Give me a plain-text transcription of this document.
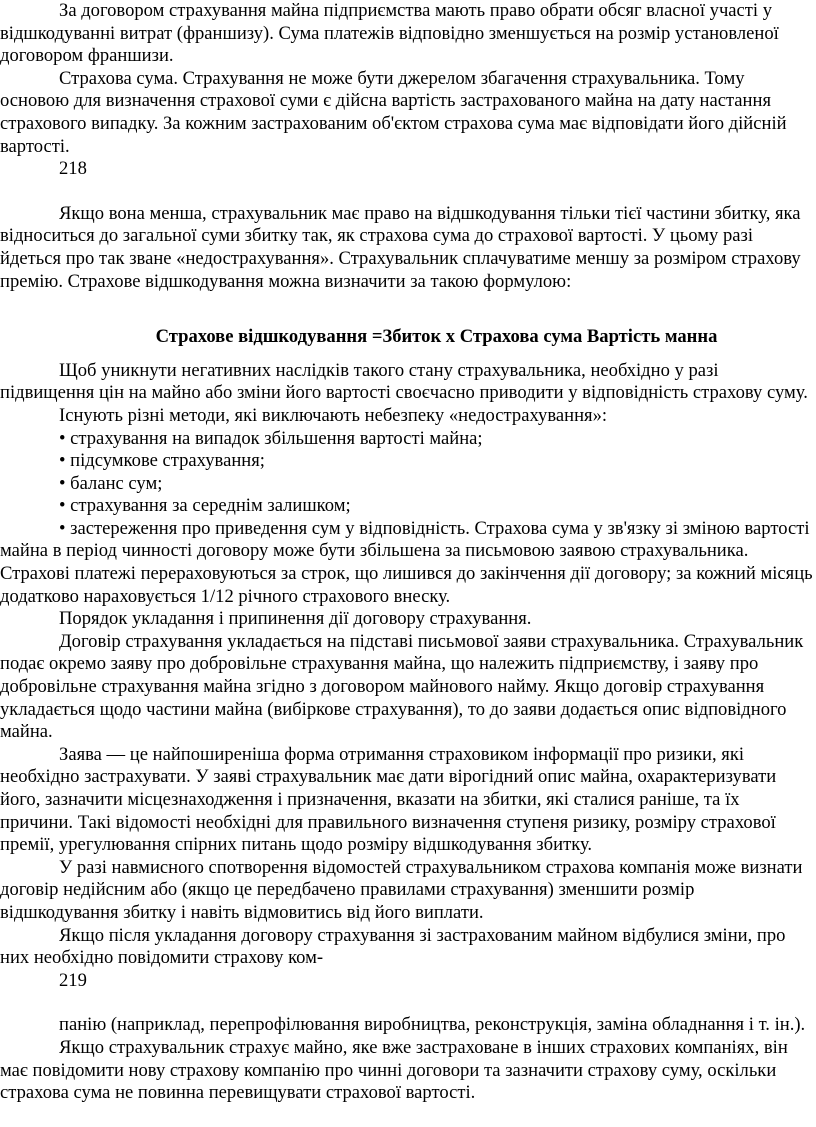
За договором страхування майна підприємства мають право обрати обсяг власної участі у відшкодуванні витрат (франшизу). Сума платежів відповідно зменшується на розмір установленої договором франшизи.

Страхова сума. Страхування не може бути джерелом збагачення страхувальника. Тому основою для визначення страхової суми є дійсна вартість застрахованого майна на дату настання страхового випадку. За кожним застрахованим об'єктом страхова сума має відповідати його дійсній вартості.

218

Якщо вона менша, страхувальник має право на відшкодування тільки тієї частини збитку, яка відноситься до загальної суми збитку так, як страхова сума до страхової вартості. У цьому разі йдеться про так зване «недострахування». Страхувальник сплачуватиме меншу за розміром страхову премію. Страхове відшкодування можна визначити за такою формулою:

Страхове відшкодування =Збиток х Страхова сума Вартість манна

Щоб уникнути негативних наслідків такого стану страхувальника, необхідно у разі підвищення цін на майно або зміни його вартості своєчасно приводити у відповідність страхову суму.

Існують різні методи, які виключають небезпеку «недострахування»:

• страхування на випадок збільшення вартості майна;

• підсумкове страхування;

• баланс сум;

• страхування за середнім залишком;

• застереження про приведення сум у відповідність. Страхова сума у зв'язку зі зміною вартості майна в період чинності договору може бути збільшена за письмовою заявою страхувальника. Страхові платежі перераховуються за строк, що лишився до закінчення дії договору; за кожний місяць додатково нараховується 1/12 річного страхового внеску.

Порядок укладання і припинення дії договору страхування.

Договір страхування укладається на підставі письмової заяви страхувальника. Страхувальник подає окремо заяву про добровільне страхування майна, що належить підприємству, і заяву про добровільне страхування майна згідно з договором майнового найму. Якщо договір страхування укладається щодо частини майна (вибіркове страхування), то до заяви додається опис відповідного майна.

Заява — це найпоширеніша форма отримання страховиком інформації про ризики, які необхідно застрахувати. У заяві страхувальник має дати вірогідний опис майна, охарактеризувати його, зазначити місцезнаходження і призначення, вказати на збитки, які сталися раніше, та їх причини. Такі відомості необхідні для правильного визначення ступеня ризику, розміру страхової премії, урегулювання спірних питань щодо розміру відшкодування збитку.

У разі навмисного спотворення відомостей страхувальником страхова компанія може визнати договір недійсним або (якщо це передбачено правилами страхування) зменшити розмір відшкодування збитку і навіть відмовитись від його виплати.

Якщо після укладання договору страхування зі застрахованим майном відбулися зміни, про них необхідно повідомити страхову ком-

219

панію (наприклад, перепрофілювання виробництва, реконструкція, заміна обладнання і т. ін.).

Якщо страхувальник страхує майно, яке вже застраховане в інших страхових компаніях, він має повідомити нову страхову компанію про чинні договори та зазначити страхову суму, оскільки страхова сума не повинна перевищувати страхової вартості.
